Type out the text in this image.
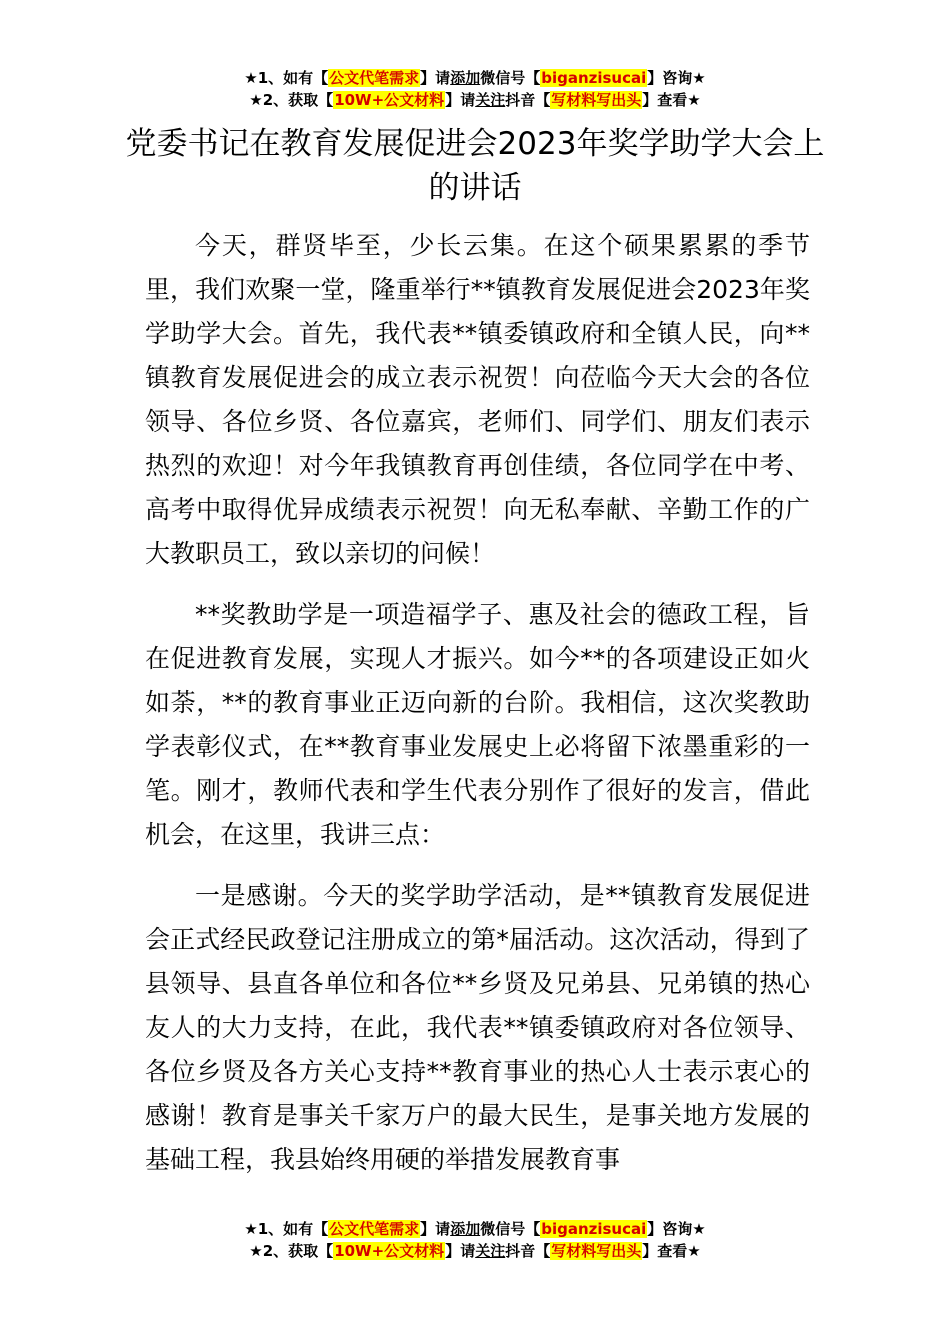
★1、如有【公文代笔需求】请添加微信号【biganzisucai】咨询★
★2、获取【10W+公文材料】请关注抖音【写材料写出头】查看★
党委书记在教育发展促进会2023年奖学助学大会上的讲话

今天，群贤毕至，少长云集。在这个硕果累累的季节里，我们欢聚一堂，隆重举行**镇教育发展促进会2023年奖学助学大会。首先，我代表**镇委镇政府和全镇人民，向**镇教育发展促进会的成立表示祝贺！向莅临今天大会的各位领导、各位乡贤、各位嘉宾，老师们、同学们、朋友们表示热烈的欢迎！对今年我镇教育再创佳绩，各位同学在中考、高考中取得优异成绩表示祝贺！向无私奉献、辛勤工作的广大教职员工，致以亲切的问候！

**奖教助学是一项造福学子、惠及社会的德政工程，旨在促进教育发展，实现人才振兴。如今**的各项建设正如火如荼，**的教育事业正迈向新的台阶。我相信，这次奖教助学表彰仪式，在**教育事业发展史上必将留下浓墨重彩的一笔。刚才，教师代表和学生代表分别作了很好的发言，借此机会，在这里，我讲三点：

一是感谢。今天的奖学助学活动，是**镇教育发展促进会正式经民政登记注册成立的第*届活动。这次活动，得到了县领导、县直各单位和各位**乡贤及兄弟县、兄弟镇的热心友人的大力支持，在此，我代表**镇委镇政府对各位领导、各位乡贤及各方关心支持**教育事业的热心人士表示衷心的感谢！教育是事关千家万户的最大民生，是事关地方发展的基础工程，我县始终用硬的举措发展教育事

★1、如有【公文代笔需求】请添加微信号【biganzisucai】咨询★
★2、获取【10W+公文材料】请关注抖音【写材料写出头】查看★
